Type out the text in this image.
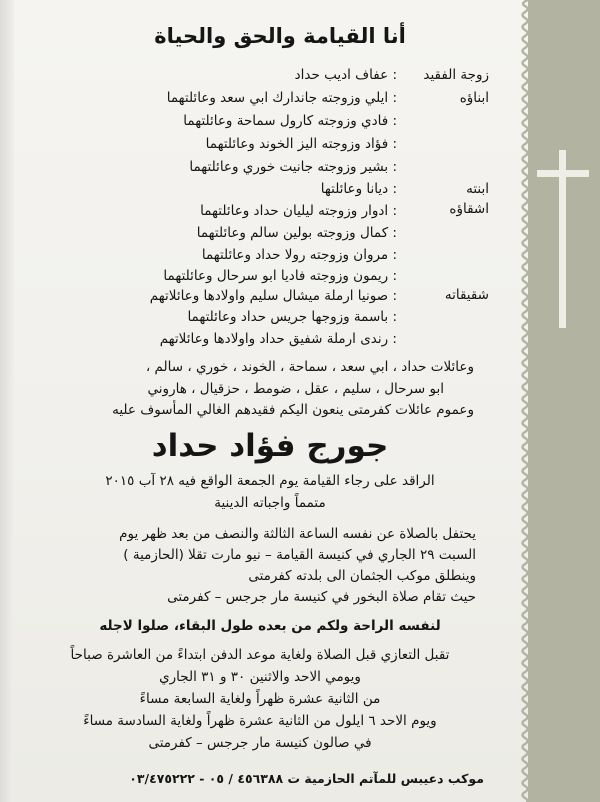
أنا القيامة والحق والحياة
زوجة الفقيد
ابناؤه
ابنته
اشقاؤه
شقيقاته
: عفاف اديب حداد
: ايلي وزوجته جاندارك ابي سعد وعائلتهما
: فادي وزوجته كارول سماحة وعائلتهما
: فؤاد وزوجته اليز الخوند وعائلتهما
: بشير وزوجته جانيت خوري وعائلتهما
: ديانا وعائلتها
: ادوار وزوجته ليليان حداد وعائلتهما
: كمال وزوجته بولين سالم وعائلتهما
: مروان وزوجته رولا حداد وعائلتهما
: ريمون وزوجته فاديا ابو سرحال وعائلتهما
: صونيا ارملة ميشال سليم واولادها وعائلاتهم
: باسمة وزوجها جريس حداد وعائلتهما
: رندى ارملة شفيق حداد واولادها وعائلاتهم
وعائلات حداد ، ابي سعد ، سماحة ، الخوند ، خوري ، سالم ،
ابو سرحال ، سليم ، عقل ، ضومط ، حزقيال ، هاروني
وعموم عائلات كفرمتى ينعون اليكم فقيدهم الغالي المأسوف عليه
جورج فؤاد حداد
الراقد على رجاء القيامة يوم الجمعة الواقع فيه ٢٨ آب ٢٠١٥
متمماً واجباته الدينية
يحتفل بالصلاة عن نفسه الساعة الثالثة والنصف من بعد ظهر يوم
السبت ٢٩ الجاري في كنيسة القيامة – نيو مارت تقلا (الحازمية )
وينطلق موكب الجثمان الى بلدته كفرمتى
حيث تقام صلاة البخور في كنيسة مار جرجس – كفرمتى
لنفسه الراحة ولكم من بعده طول البقاء، صلوا لاجله
تقبل التعازي قبل الصلاة ولغاية موعد الدفن ابتداءً من العاشرة صباحاً
ويومي الاحد والاثنين ٣٠ و ٣١ الجاري
من الثانية عشرة ظهراً ولغاية السابعة مساءً
ويوم الاحد ٦ ايلول من الثانية عشرة ظهراً ولغاية السادسة مساءً
في صالون كنيسة مار جرجس – كفرمتى
موكب دعيبس للمآتم الحازمية ت ٤٥٦٣٨٨ / ٠٥ - ٠٣/٤٧٥٢٢٢
